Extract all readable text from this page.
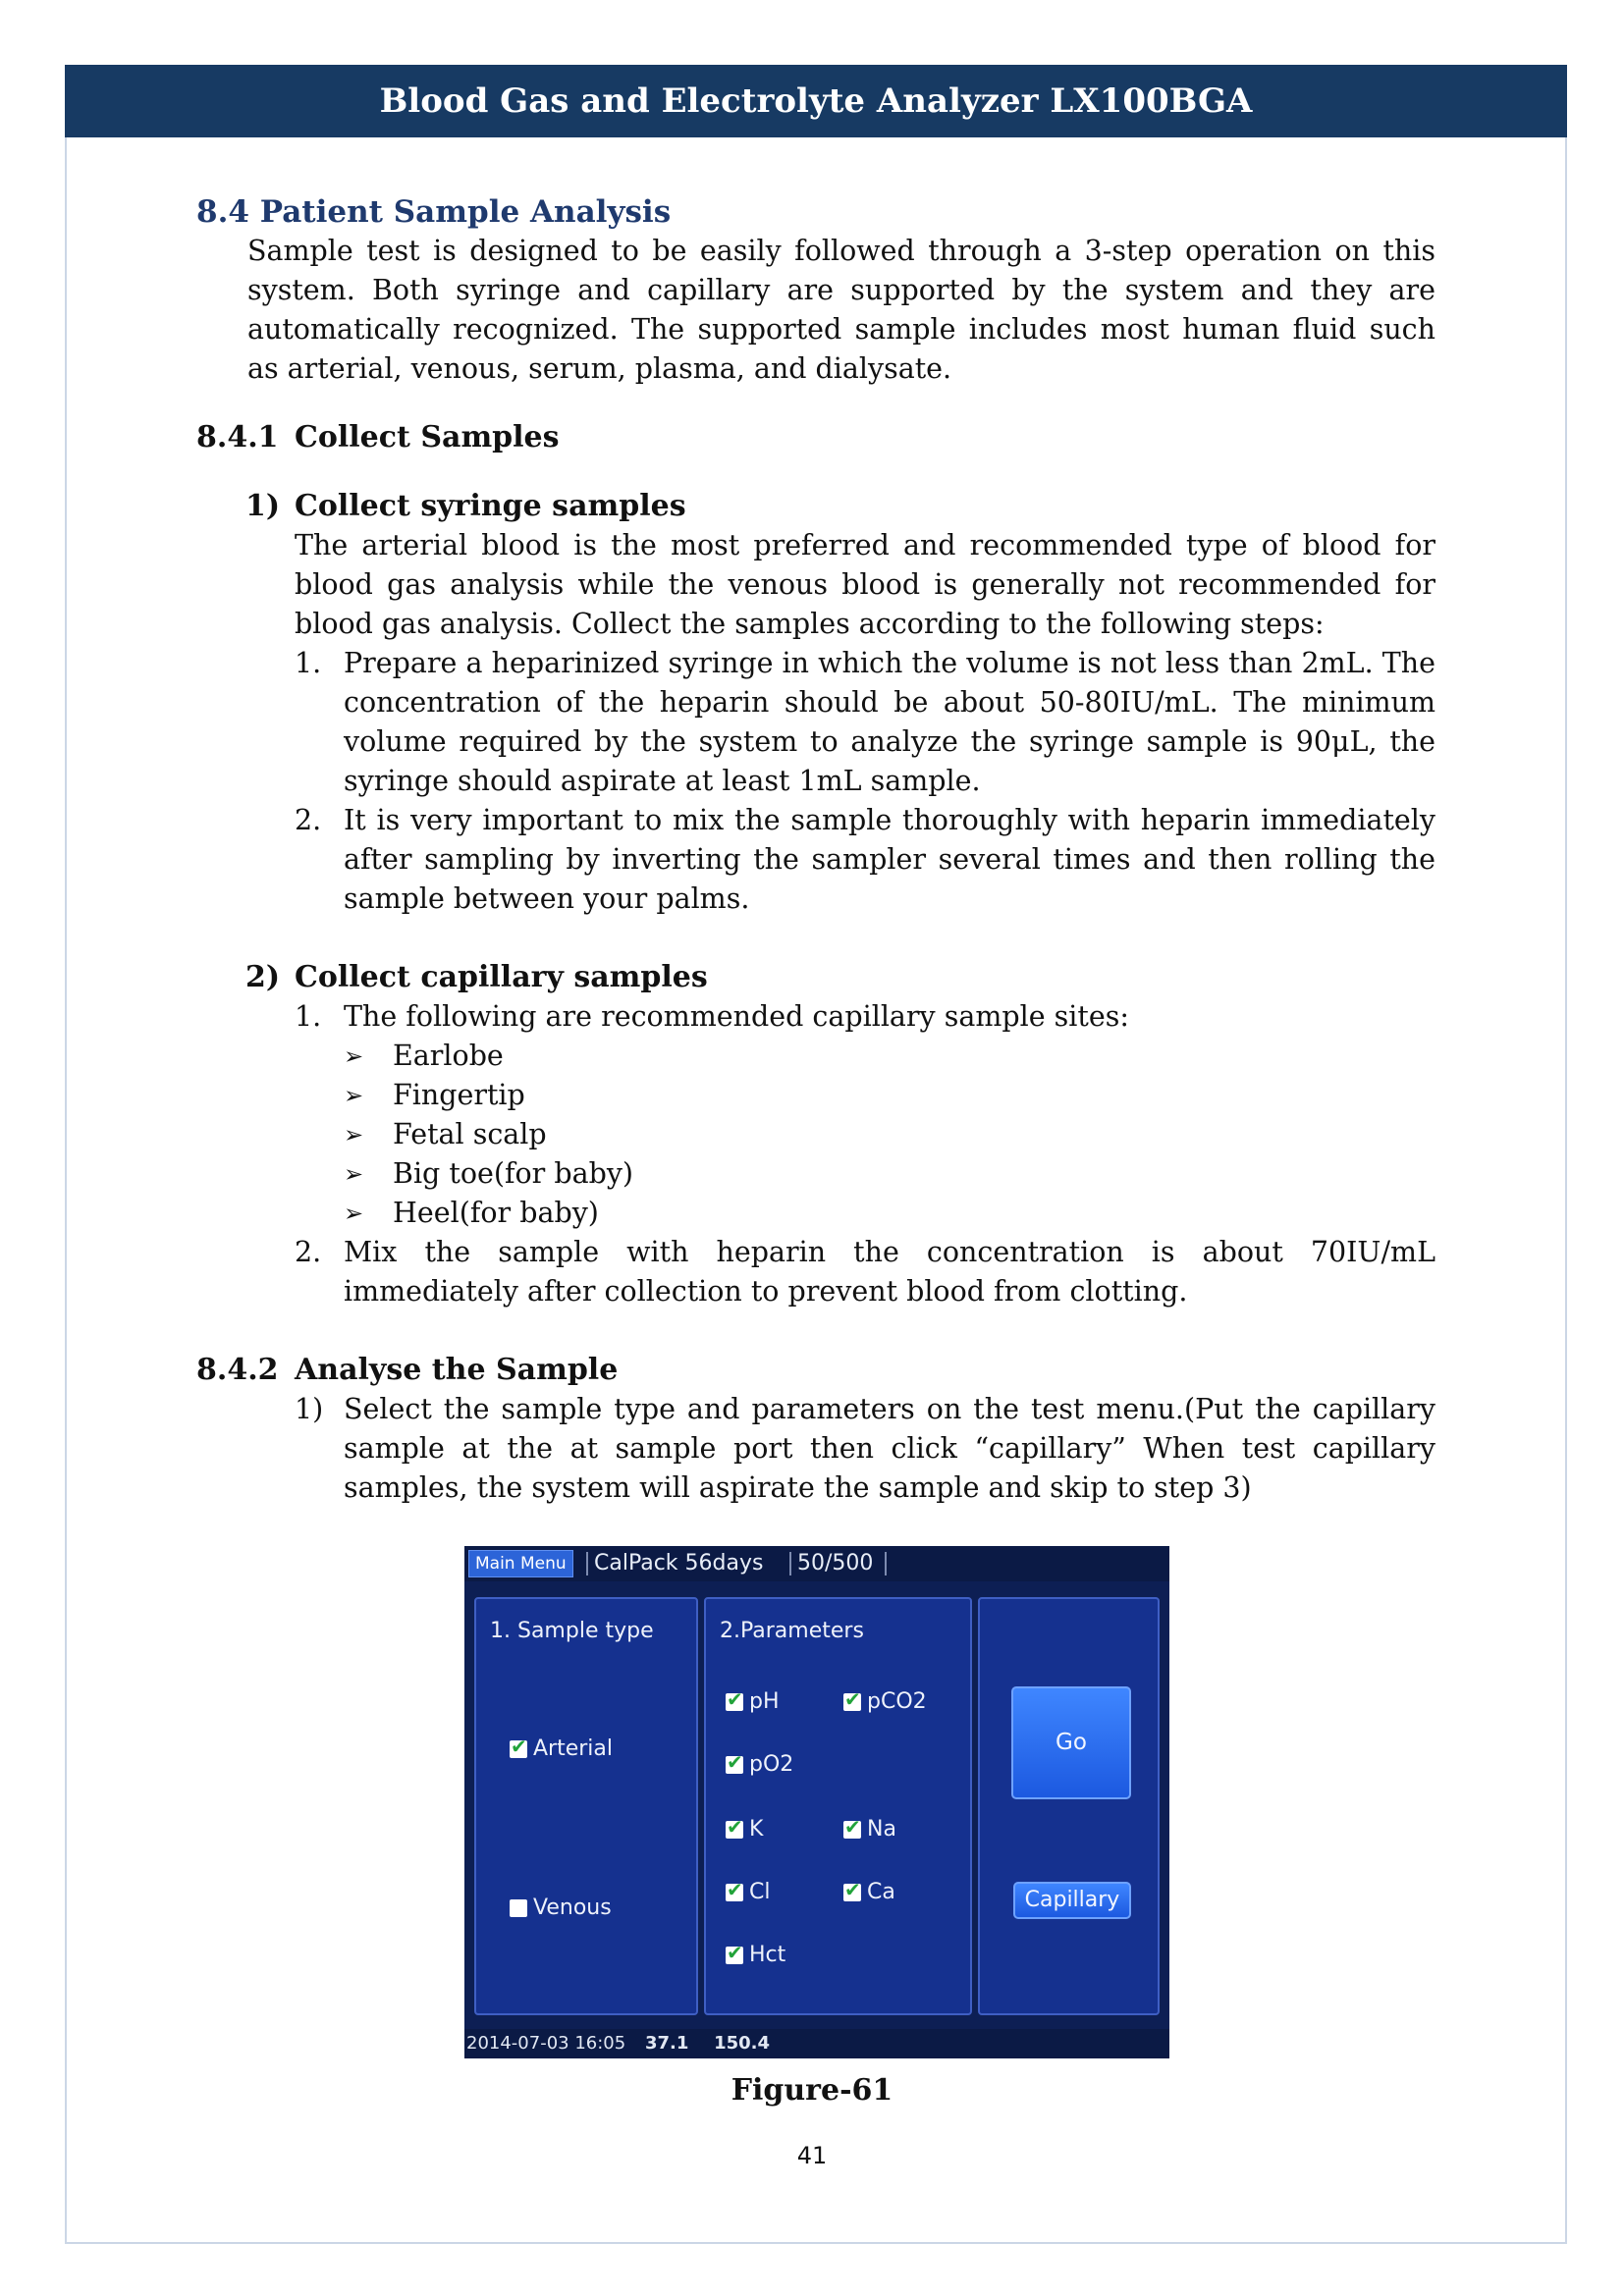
Blood Gas and Electrolyte Analyzer LX100BGA

8.4 Patient Sample Analysis

Sample test is designed to be easily followed through a 3-step operation on this system. Both syringe and capillary are supported by the system and they are automatically recognized. The supported sample includes most human fluid such as arterial, venous, serum, plasma, and dialysate.

8.4.1 Collect Samples
1) Collect syringe samples

The arterial blood is the most preferred and recommended type of blood for blood gas analysis while the venous blood is generally not recommended for blood gas analysis. Collect the samples according to the following steps:

1. Prepare a heparinized syringe in which the volume is not less than 2mL. The concentration of the heparin should be about 50-80IU/mL. The minimum volume required by the system to analyze the syringe sample is 90μL, the syringe should aspirate at least 1mL sample.
2. It is very important to mix the sample thoroughly with heparin immediately after sampling by inverting the sampler several times and then rolling the sample between your palms.
2) Collect capillary samples
1. The following are recommended capillary sample sites:
➢	Earlobe
➢	Fingertip
➢	Fetal scalp
➢	Big toe(for baby)
➢	Heel(for baby)
2. Mix the sample with heparin the concentration is about 70IU/mL immediately after collection to prevent blood from clotting.
8.4.2 Analyse the Sample
1) Select the sample type and parameters on the test menu.(Put the capillary sample at the at sample port then click “capillary” When test capillary samples, the system will aspirate the sample and skip to step 3)
Main Menu	CalPack 56days 50/500
1. Sample type
✔
Arterial
Venous
2.Parameters
✔
pH ✔	pCO2
✔
pO2
✔
K ✔	Na
✔
Cl ✔	Ca
✔
Hct
Go
Capillary
2014-07-03 16:05 37.1 150.4
Figure-61
41
